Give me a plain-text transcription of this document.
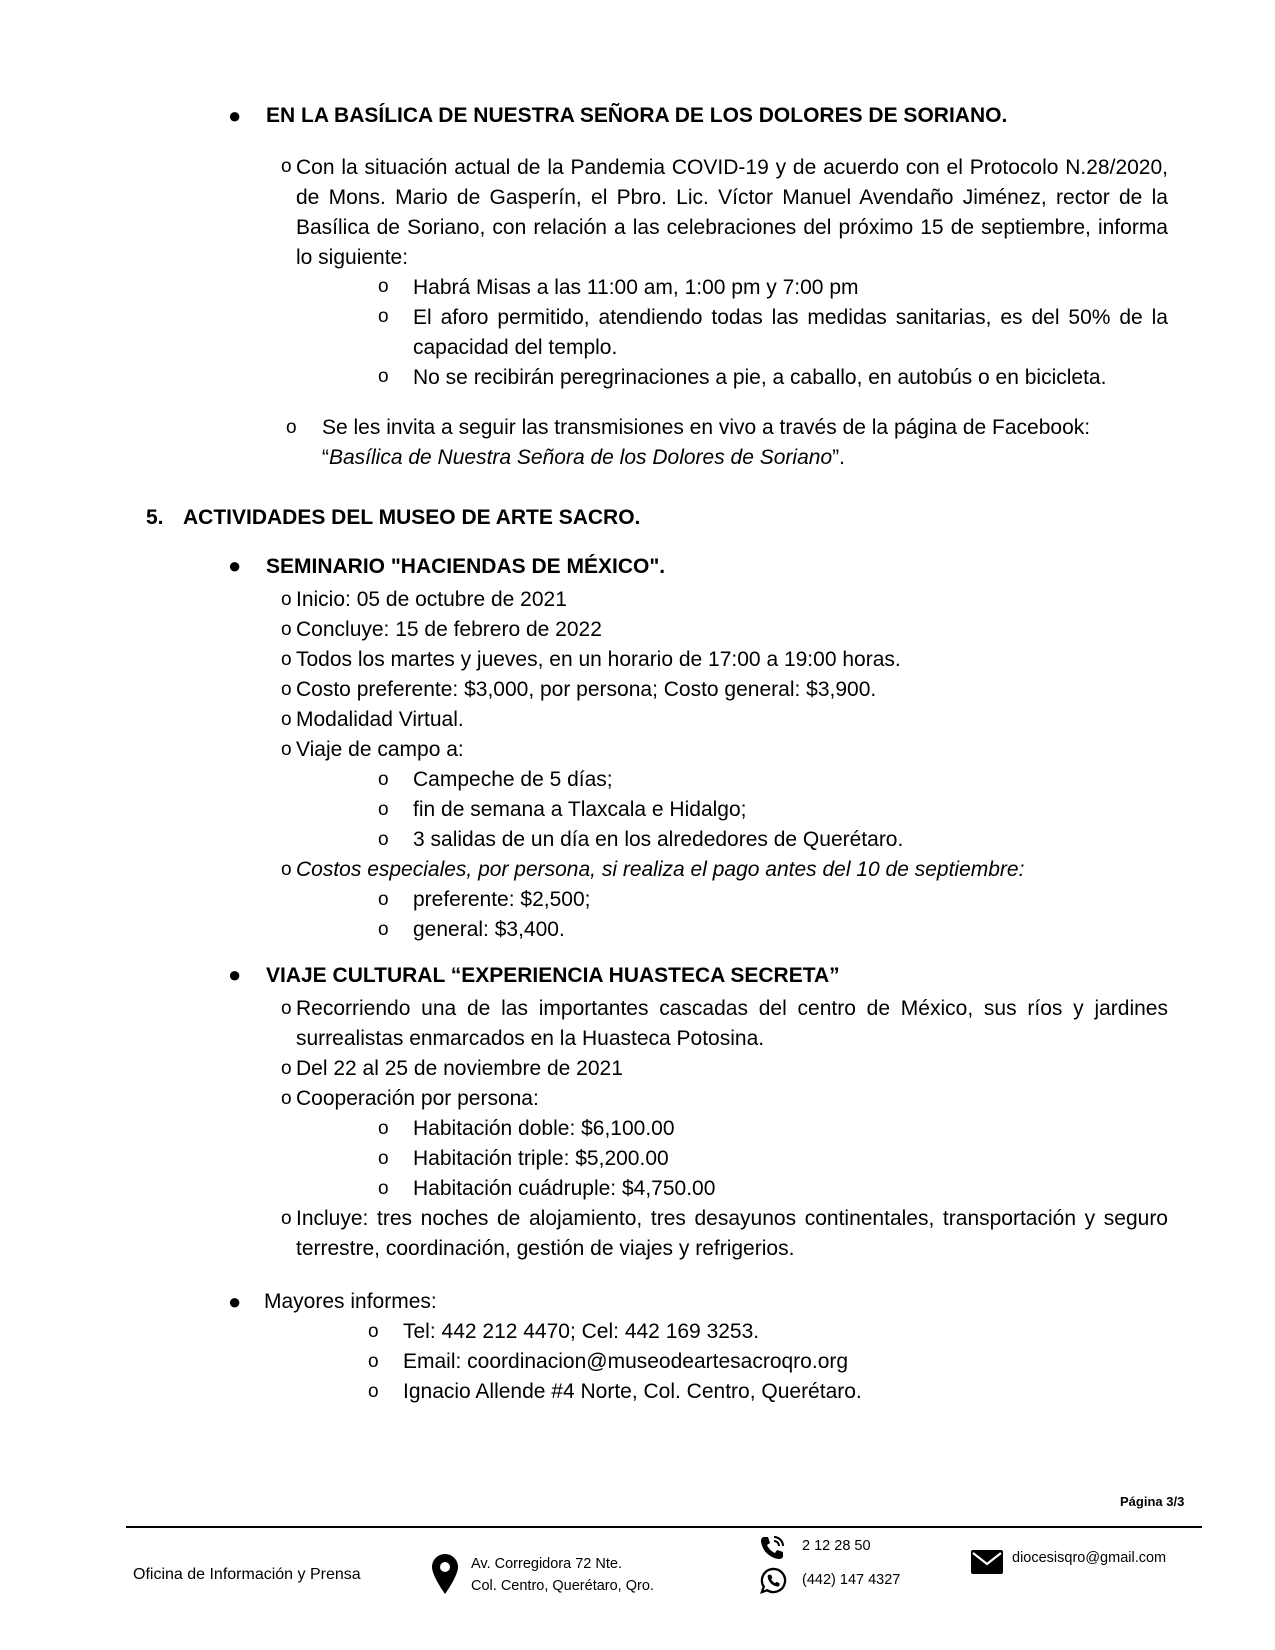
● EN LA BASÍLICA DE NUESTRA SEÑORA DE LOS DOLORES DE SORIANO.
o Con la situación actual de la Pandemia COVID-19 y de acuerdo con el Protocolo N.28/2020, de Mons. Mario de Gasperín, el Pbro. Lic. Víctor Manuel Avendaño Jiménez, rector de la Basílica de Soriano, con relación a las celebraciones del próximo 15 de septiembre, informa lo siguiente:
o Habrá Misas a las 11:00 am, 1:00 pm y 7:00 pm
o El aforo permitido, atendiendo todas las medidas sanitarias, es del 50% de la capacidad del templo.
o No se recibirán peregrinaciones a pie, a caballo, en autobús o en bicicleta.
o Se les invita a seguir las transmisiones en vivo a través de la página de Facebook:
“Basílica de Nuestra Señora de los Dolores de Soriano”.
5. ACTIVIDADES DEL MUSEO DE ARTE SACRO.
● SEMINARIO "HACIENDAS DE MÉXICO".
o Inicio: 05 de octubre de 2021
o Concluye: 15 de febrero de 2022
o Todos los martes y jueves, en un horario de 17:00 a 19:00 horas.
o Costo preferente: $3,000, por persona; Costo general: $3,900.
o Modalidad Virtual.
o Viaje de campo a:
o Campeche de 5 días;
o fin de semana a Tlaxcala e Hidalgo;
o 3 salidas de un día en los alrededores de Querétaro.
o Costos especiales, por persona, si realiza el pago antes del 10 de septiembre:
o preferente: $2,500;
o general: $3,400.
● VIAJE CULTURAL “EXPERIENCIA HUASTECA SECRETA”
o Recorriendo una de las importantes cascadas del centro de México, sus ríos y jardines surrealistas enmarcados en la Huasteca Potosina.
o Del 22 al 25 de noviembre de 2021
o Cooperación por persona:
o Habitación doble: $6,100.00
o Habitación triple: $5,200.00
o Habitación cuádruple: $4,750.00
o Incluye: tres noches de alojamiento, tres desayunos continentales, transportación y seguro terrestre, coordinación, gestión de viajes y refrigerios.
● Mayores informes:
o Tel: 442 212 4470; Cel: 442 169 3253.
o Email: coordinacion@museodeartesacroqro.org
o Ignacio Allende #4 Norte, Col. Centro, Querétaro.
Página 3/3
Oficina de Información y Prensa
Av. Corregidora 72 Nte.
Col. Centro, Querétaro, Qro.
2 12 28 50
(442) 147 4327
diocesisqro@gmail.com
